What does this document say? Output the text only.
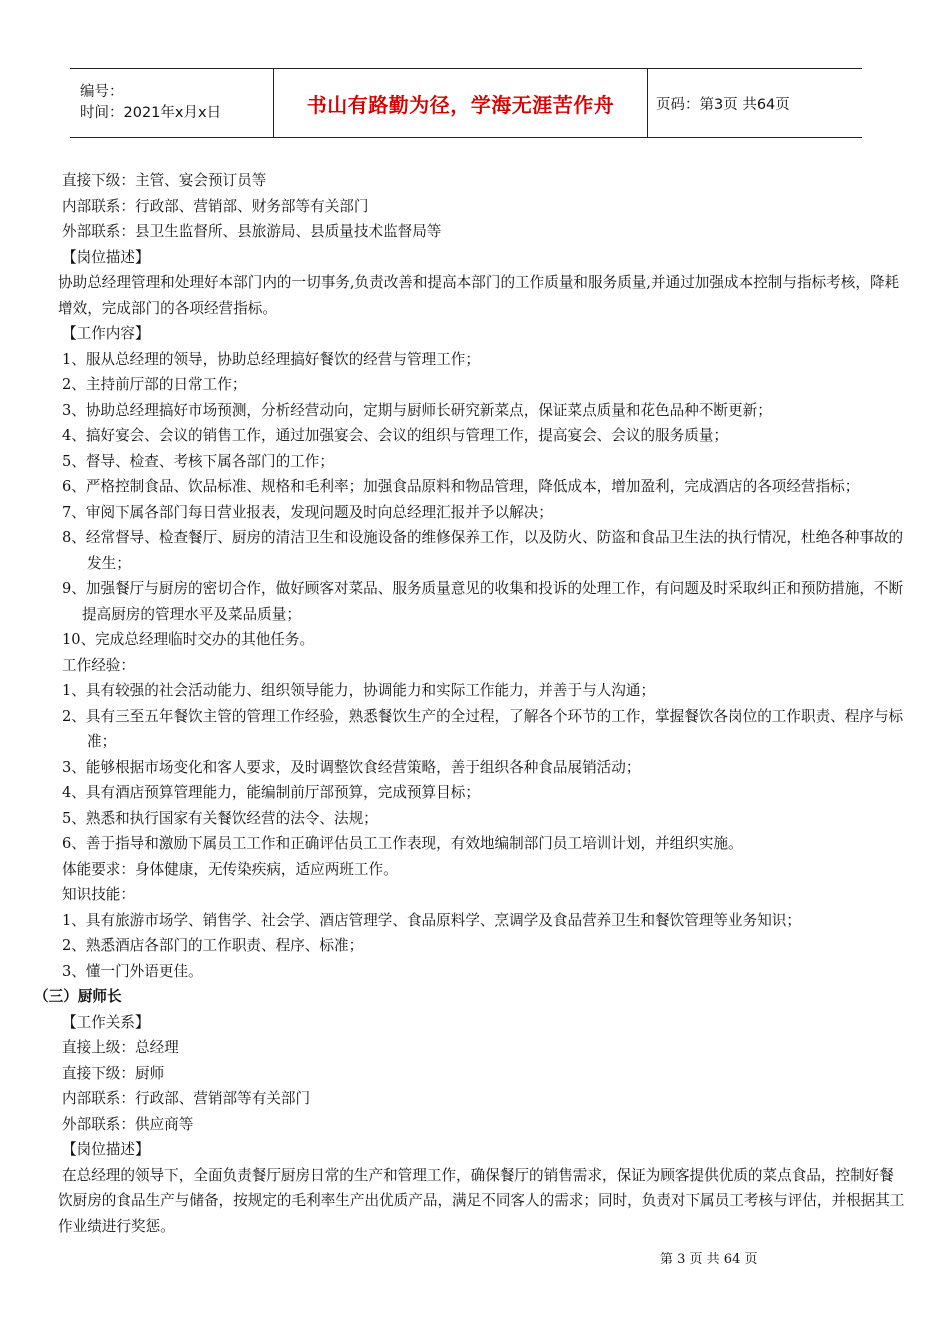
编号：
时间：2021年x月x日	书山有路勤为径，学海无涯苦作舟	页码：第3页 共64页
直接下级：主管、宴会预订员等
内部联系：行政部、营销部、财务部等有关部门
外部联系：县卫生监督所、县旅游局、县质量技术监督局等
【岗位描述】
协助总经理管理和处理好本部门内的一切事务,负责改善和提高本部门的工作质量和服务质量,并通过加强成本控制与指标考核，降耗增效，完成部门的各项经营指标。
【工作内容】
1、服从总经理的领导，协助总经理搞好餐饮的经营与管理工作；
2、主持前厅部的日常工作；
3、协助总经理搞好市场预测，分析经营动向，定期与厨师长研究新菜点，保证菜点质量和花色品种不断更新；
4、搞好宴会、会议的销售工作，通过加强宴会、会议的组织与管理工作，提高宴会、会议的服务质量；
5、督导、检查、考核下属各部门的工作；
6、严格控制食品、饮品标准、规格和毛利率；加强食品原料和物品管理，降低成本，增加盈利，完成酒店的各项经营指标；
7、审阅下属各部门每日营业报表，发现问题及时向总经理汇报并予以解决；
8、经常督导、检查餐厅、厨房的清洁卫生和设施设备的维修保养工作，以及防火、防盗和食品卫生法的执行情况，杜绝各种事故的发生；
9、加强餐厅与厨房的密切合作，做好顾客对菜品、服务质量意见的收集和投诉的处理工作，有问题及时采取纠正和预防措施，不断提高厨房的管理水平及菜品质量；
10、完成总经理临时交办的其他任务。
工作经验：
1、具有较强的社会活动能力、组织领导能力，协调能力和实际工作能力，并善于与人沟通；
2、具有三至五年餐饮主管的管理工作经验，熟悉餐饮生产的全过程，了解各个环节的工作，掌握餐饮各岗位的工作职责、程序与标准；
3、能够根据市场变化和客人要求，及时调整饮食经营策略，善于组织各种食品展销活动；
4、具有酒店预算管理能力，能编制前厅部预算，完成预算目标；
5、熟悉和执行国家有关餐饮经营的法令、法规；
6、善于指导和激励下属员工工作和正确评估员工工作表现，有效地编制部门员工培训计划，并组织实施。
体能要求：身体健康，无传染疾病，适应两班工作。
知识技能：
1、具有旅游市场学、销售学、社会学、酒店管理学、食品原料学、烹调学及食品营养卫生和餐饮管理等业务知识；
2、熟悉酒店各部门的工作职责、程序、标准；
3、懂一门外语更佳。
（三）厨师长
【工作关系】
直接上级：总经理
直接下级：厨师
内部联系：行政部、营销部等有关部门
外部联系：供应商等
【岗位描述】
在总经理的领导下，全面负责餐厅厨房日常的生产和管理工作，确保餐厅的销售需求，保证为顾客提供优质的菜点食品，控制好餐饮厨房的食品生产与储备，按规定的毛利率生产出优质产品，满足不同客人的需求；同时，负责对下属员工考核与评估，并根据其工作业绩进行奖惩。
第 3 页 共 64 页
